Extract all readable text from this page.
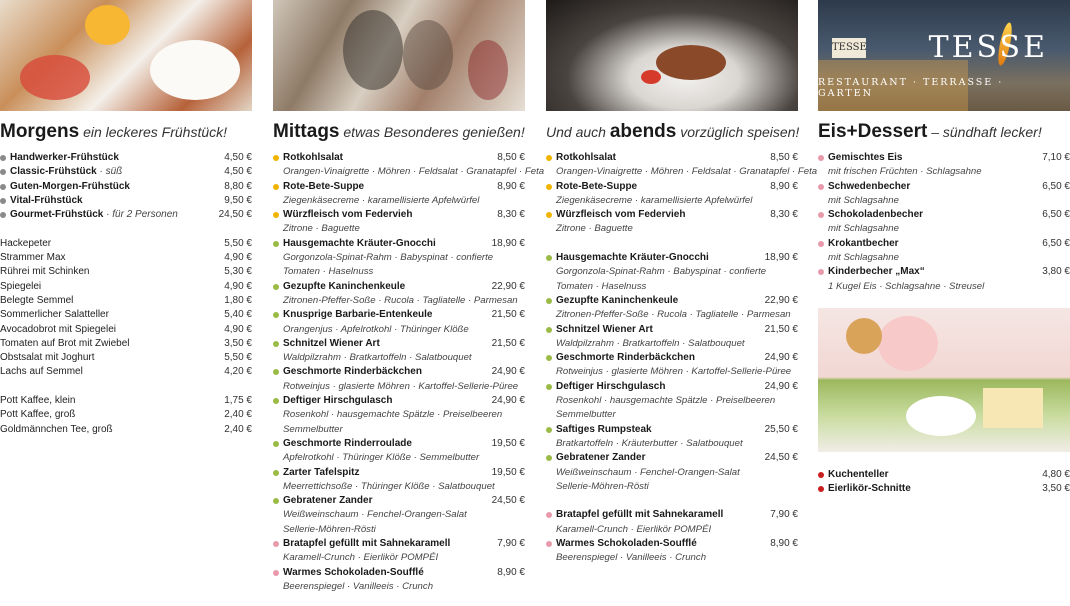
Morgens ein leckeres Frühstück!
Handwerker-Frühstück	4,50 €
Classic-Frühstück · süß	4,50 €
Guten-Morgen-Frühstück	8,80 €
Vital-Frühstück	9,50 €
Gourmet-Frühstück · für 2 Personen	24,50 €
Hackepeter	5,50 €
Strammer Max	4,90 €
Rührei mit Schinken	5,30 €
Spiegelei	4,90 €
Belegte Semmel	1,80 €
Sommerlicher Salatteller	5,40 €
Avocadobrot mit Spiegelei	4,90 €
Tomaten auf Brot mit Zwiebel	3,50 €
Obstsalat mit Joghurt	5,50 €
Lachs auf Semmel	4,20 €
Pott Kaffee, klein	1,75 €
Pott Kaffee, groß	2,40 €
Goldmännchen Tee, groß	2,40 €
Mittags etwas Besonderes genießen!
Rotkohlsalat	8,50 €
Orangen-Vinaigrette · Möhren · Feldsalat · Granatapfel · Feta
Rote-Bete-Suppe	8,90 €
Ziegenkäsecreme · karamellisierte Apfelwürfel
Würzfleisch vom Federvieh	8,30 €
Zitrone · Baguette
Hausgemachte Kräuter-Gnocchi	18,90 €
Gorgonzola-Spinat-Rahm · Babyspinat · confierte
Tomaten · Haselnuss
Gezupfte Kaninchenkeule	22,90 €
Zitronen-Pfeffer-Soße · Rucola · Tagliatelle · Parmesan
Knusprige Barbarie-Entenkeule	21,50 €
Orangenjus · Apfelrotkohl · Thüringer Klöße
Schnitzel Wiener Art	21,50 €
Waldpilzrahm · Bratkartoffeln · Salatbouquet
Geschmorte Rinderbäckchen	24,90 €
Rotweinjus · glasierte Möhren · Kartoffel-Sellerie-Püree
Deftiger Hirschgulasch	24,90 €
Rosenkohl · hausgemachte Spätzle · Preiselbeeren
Semmelbutter
Geschmorte Rinderroulade	19,50 €
Apfelrotkohl · Thüringer Klöße · Semmelbutter
Zarter Tafelspitz	19,50 €
Meerrettichsoße · Thüringer Klöße · Salatbouquet
Gebratener Zander	24,50 €
Weißweinschaum · Fenchel-Orangen-Salat
Sellerie-Möhren-Rösti
Bratapfel gefüllt mit Sahnekaramell	7,90 €
Karamell-Crunch · Eierlikör POMPÉI
Warmes Schokoladen-Soufflé	8,90 €
Beerenspiegel · Vanilleeis · Crunch
Und auch abends vorzüglich speisen!
Rotkohlsalat	8,50 €
Orangen-Vinaigrette · Möhren · Feldsalat · Granatapfel · Feta
Rote-Bete-Suppe	8,90 €
Ziegenkäsecreme · karamellisierte Apfelwürfel
Würzfleisch vom Federvieh	8,30 €
Zitrone · Baguette
Hausgemachte Kräuter-Gnocchi	18,90 €
Gorgonzola-Spinat-Rahm · Babyspinat · confierte
Tomaten · Haselnuss
Gezupfte Kaninchenkeule	22,90 €
Zitronen-Pfeffer-Soße · Rucola · Tagliatelle · Parmesan
Schnitzel Wiener Art	21,50 €
Waldpilzrahm · Bratkartoffeln · Salatbouquet
Geschmorte Rinderbäckchen	24,90 €
Rotweinjus · glasierte Möhren · Kartoffel-Sellerie-Püree
Deftiger Hirschgulasch	24,90 €
Rosenkohl · hausgemachte Spätzle · Preiselbeeren
Semmelbutter
Saftiges Rumpsteak	25,50 €
Bratkartoffeln · Kräuterbutter · Salatbouquet
Gebratener Zander	24,50 €
Weißweinschaum · Fenchel-Orangen-Salat
Sellerie-Möhren-Rösti
Bratapfel gefüllt mit Sahnekaramell	7,90 €
Karamell-Crunch · Eierlikör POMPÉI
Warmes Schokoladen-Soufflé	8,90 €
Beerenspiegel · Vanilleeis · Crunch
TESSE TESSE
RESTAURANT · TERRASSE · GARTEN
Eis+Dessert – sündhaft lecker!
Gemischtes Eis	7,10 €
mit frischen Früchten · Schlagsahne
Schwedenbecher	6,50 €
mit Schlagsahne
Schokoladenbecher	6,50 €
mit Schlagsahne
Krokantbecher	6,50 €
mit Schlagsahne
Kinderbecher „Max“	3,80 €
1 Kugel Eis · Schlagsahne · Streusel
Kuchenteller	4,80 €
Eierlikör-Schnitte	3,50 €
